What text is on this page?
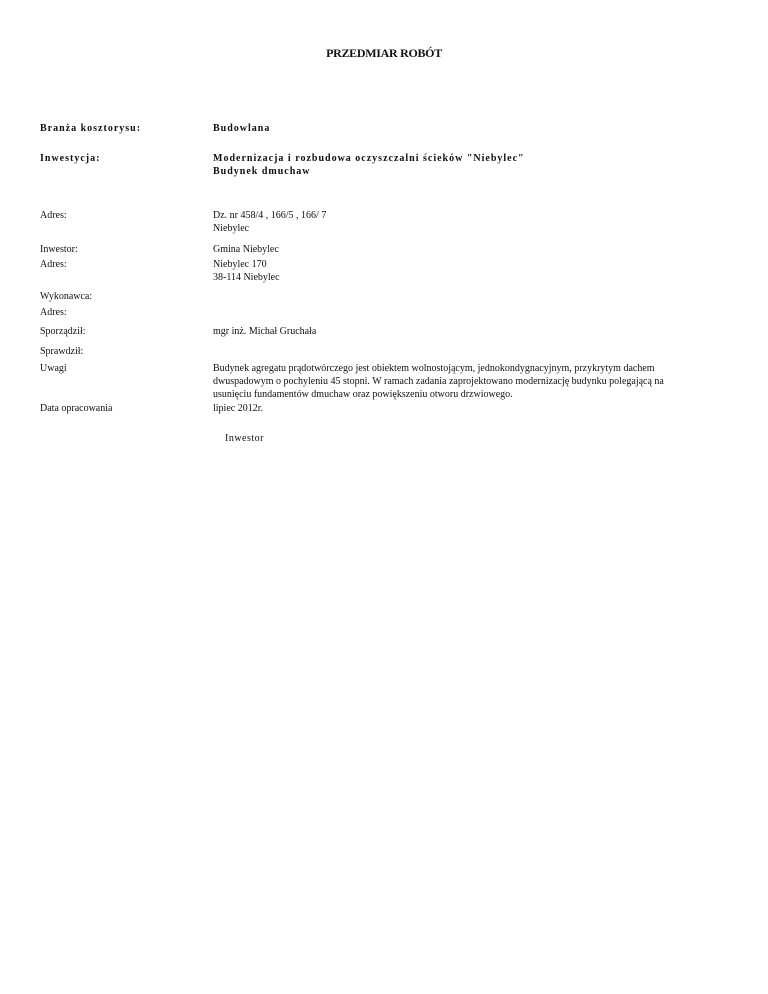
PRZEDMIAR ROBÓT
Branża kosztorysu:	Budowlana
Inwestycja:	Modernizacja i rozbudowa oczyszczalni ścieków "Niebylec"
Budynek dmuchaw
Adres:	Dz. nr 458/4 , 166/5 , 166/ 7
Niebylec
Inwestor:	Gmina Niebylec
Adres:	Niebylec 170
38-114 Niebylec
Wykonawca:
Adres:
Sporządził:	mgr inż. Michał Gruchała
Sprawdził:
Uwagi	Budynek agregatu prądotwórczego jest obiektem wolnostojącym, jednokondygnacyjnym, przykrytym dachem
dwuspadowym o pochyleniu 45 stopni. W ramach zadania zaprojektowano modernizację budynku polegającą na
usunięciu fundamentów dmuchaw oraz powiększeniu otworu drzwiowego.
Data opracowania	lipiec 2012r.
Inwestor
